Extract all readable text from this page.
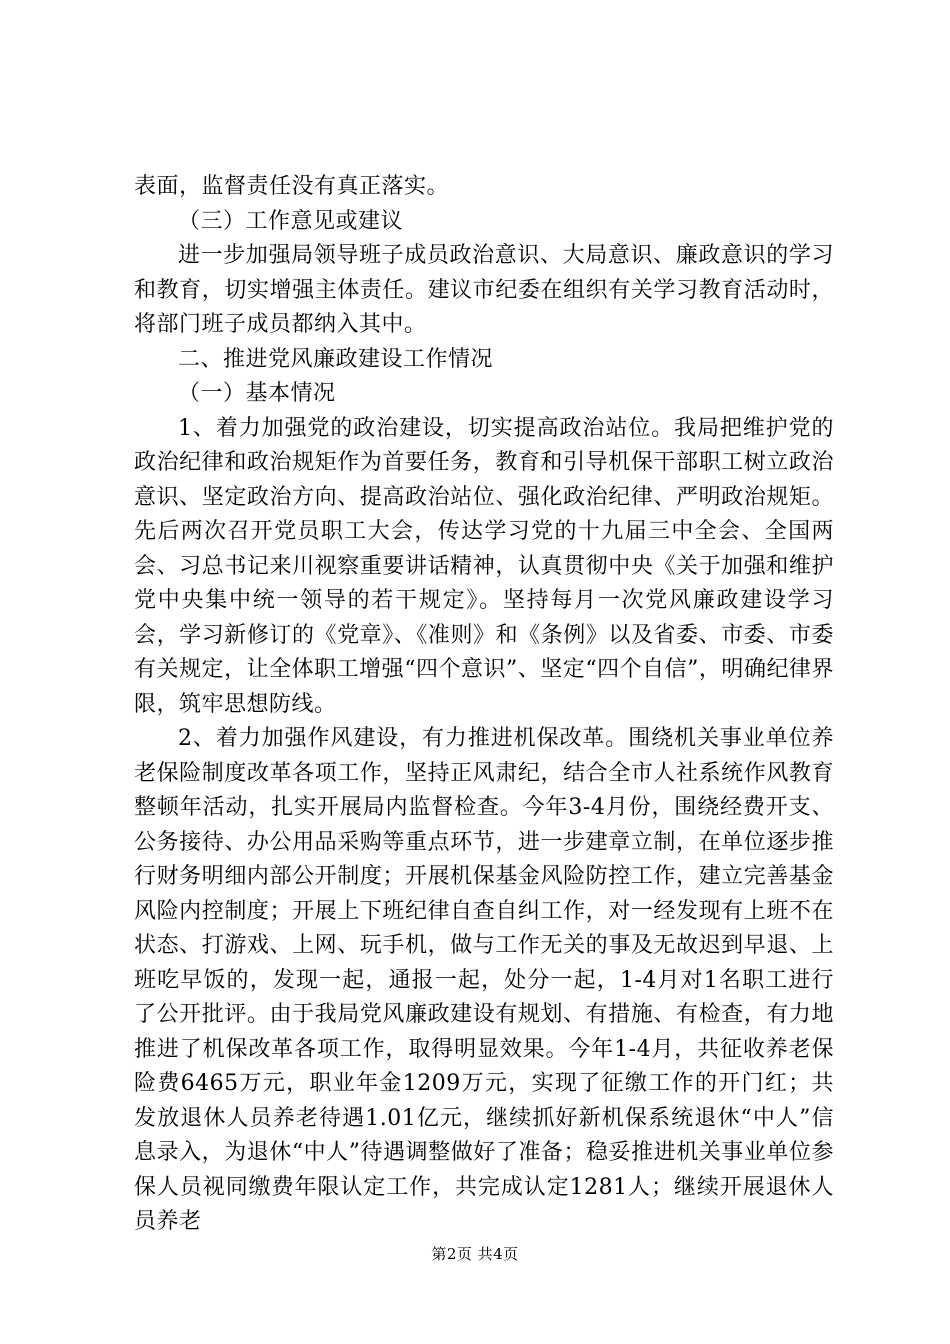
表面，监督责任没有真正落实。

（三）工作意见或建议

进一步加强局领导班子成员政治意识、大局意识、廉政意识的学习和教育，切实增强主体责任。建议市纪委在组织有关学习教育活动时，将部门班子成员都纳入其中。

二、推进党风廉政建设工作情况

（一）基本情况

1、着力加强党的政治建设，切实提高政治站位。我局把维护党的政治纪律和政治规矩作为首要任务，教育和引导机保干部职工树立政治意识、坚定政治方向、提高政治站位、强化政治纪律、严明政治规矩。先后两次召开党员职工大会，传达学习党的十九届三中全会、全国两会、习总书记来川视察重要讲话精神，认真贯彻中央《关于加强和维护党中央集中统一领导的若干规定》。坚持每月一次党风廉政建设学习会，学习新修订的《党章》、《准则》和《条例》以及省委、市委、市委有关规定，让全体职工增强“四个意识”、坚定“四个自信”，明确纪律界限，筑牢思想防线。

2、着力加强作风建设，有力推进机保改革。围绕机关事业单位养老保险制度改革各项工作，坚持正风肃纪，结合全市人社系统作风教育整顿年活动，扎实开展局内监督检查。今年3-4月份，围绕经费开支、公务接待、办公用品采购等重点环节，进一步建章立制，在单位逐步推行财务明细内部公开制度；开展机保基金风险防控工作，建立完善基金风险内控制度；开展上下班纪律自查自纠工作，对一经发现有上班不在状态、打游戏、上网、玩手机，做与工作无关的事及无故迟到早退、上班吃早饭的，发现一起，通报一起，处分一起，1-4月对1名职工进行了公开批评。由于我局党风廉政建设有规划、有措施、有检查，有力地推进了机保改革各项工作，取得明显效果。今年1-4月，共征收养老保险费6465万元，职业年金1209万元，实现了征缴工作的开门红；共发放退休人员养老待遇1.01亿元，继续抓好新机保系统退休“中人”信息录入，为退休“中人”待遇调整做好了准备；稳妥推进机关事业单位参保人员视同缴费年限认定工作，共完成认定1281人；继续开展退休人员养老

第2页 共4页
